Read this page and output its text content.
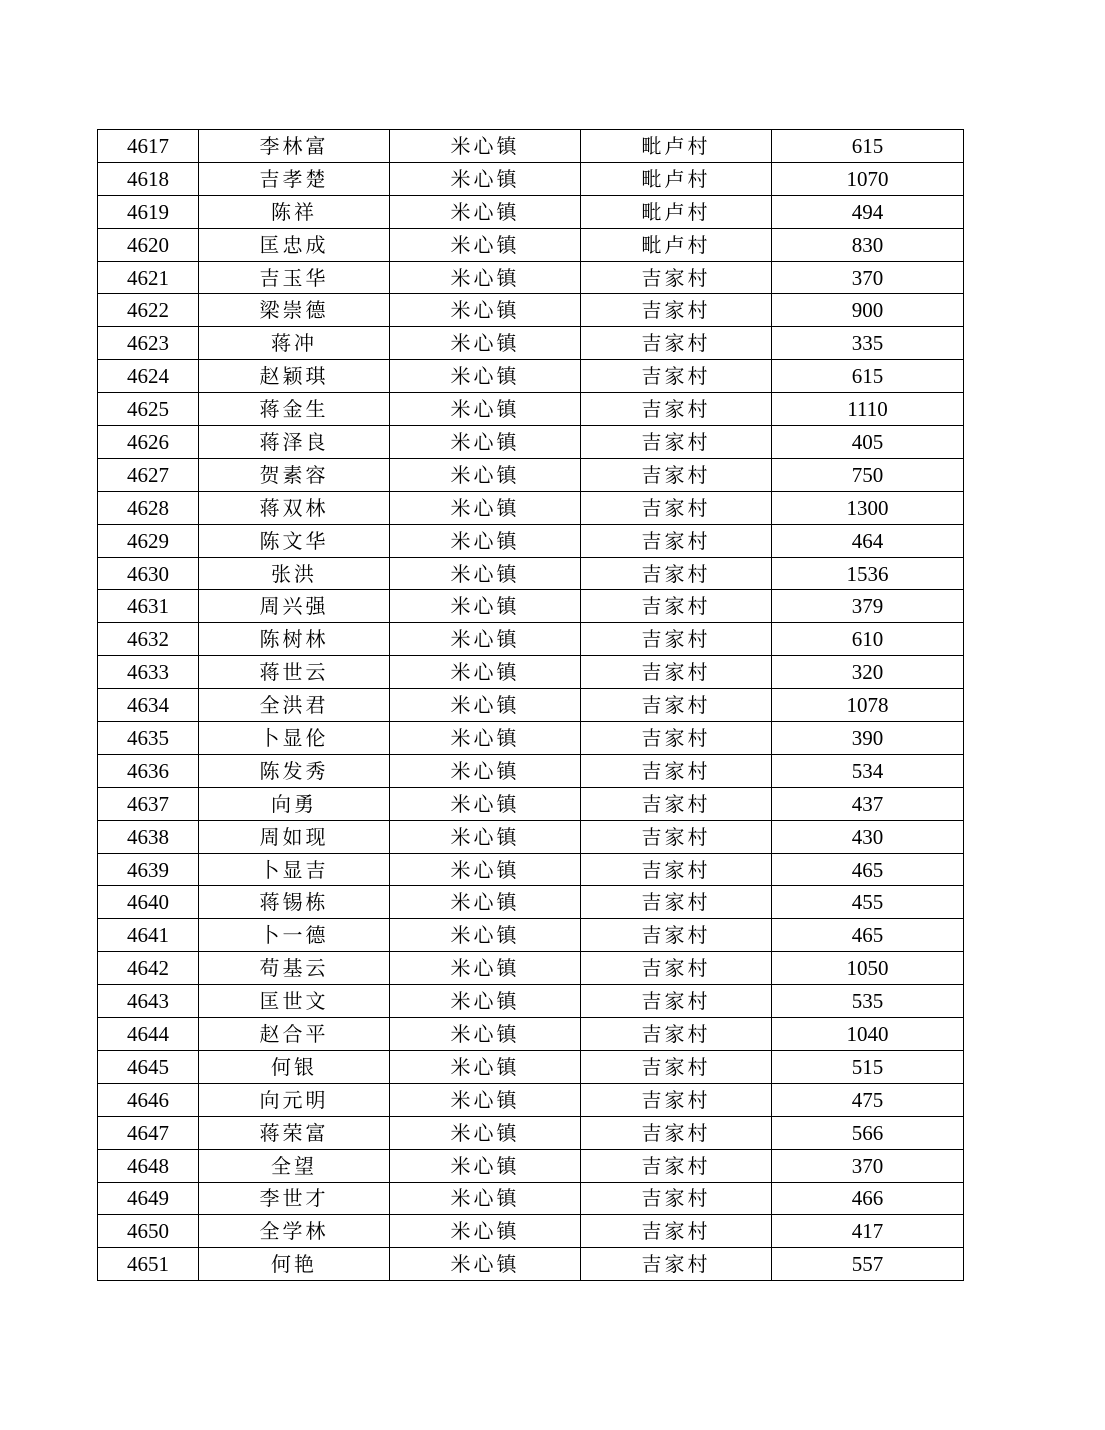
4617	李林富	米心镇	毗卢村	615
4618	吉孝楚	米心镇	毗卢村	1070
4619	陈祥	米心镇	毗卢村	494
4620	匡忠成	米心镇	毗卢村	830
4621	吉玉华	米心镇	吉家村	370
4622	梁崇德	米心镇	吉家村	900
4623	蒋冲	米心镇	吉家村	335
4624	赵颖琪	米心镇	吉家村	615
4625	蒋金生	米心镇	吉家村	1110
4626	蒋泽良	米心镇	吉家村	405
4627	贺素容	米心镇	吉家村	750
4628	蒋双林	米心镇	吉家村	1300
4629	陈文华	米心镇	吉家村	464
4630	张洪	米心镇	吉家村	1536
4631	周兴强	米心镇	吉家村	379
4632	陈树林	米心镇	吉家村	610
4633	蒋世云	米心镇	吉家村	320
4634	全洪君	米心镇	吉家村	1078
4635	卜显伦	米心镇	吉家村	390
4636	陈发秀	米心镇	吉家村	534
4637	向勇	米心镇	吉家村	437
4638	周如现	米心镇	吉家村	430
4639	卜显吉	米心镇	吉家村	465
4640	蒋锡栋	米心镇	吉家村	455
4641	卜一德	米心镇	吉家村	465
4642	苟基云	米心镇	吉家村	1050
4643	匡世文	米心镇	吉家村	535
4644	赵合平	米心镇	吉家村	1040
4645	何银	米心镇	吉家村	515
4646	向元明	米心镇	吉家村	475
4647	蒋荣富	米心镇	吉家村	566
4648	全望	米心镇	吉家村	370
4649	李世才	米心镇	吉家村	466
4650	全学林	米心镇	吉家村	417
4651	何艳	米心镇	吉家村	557
